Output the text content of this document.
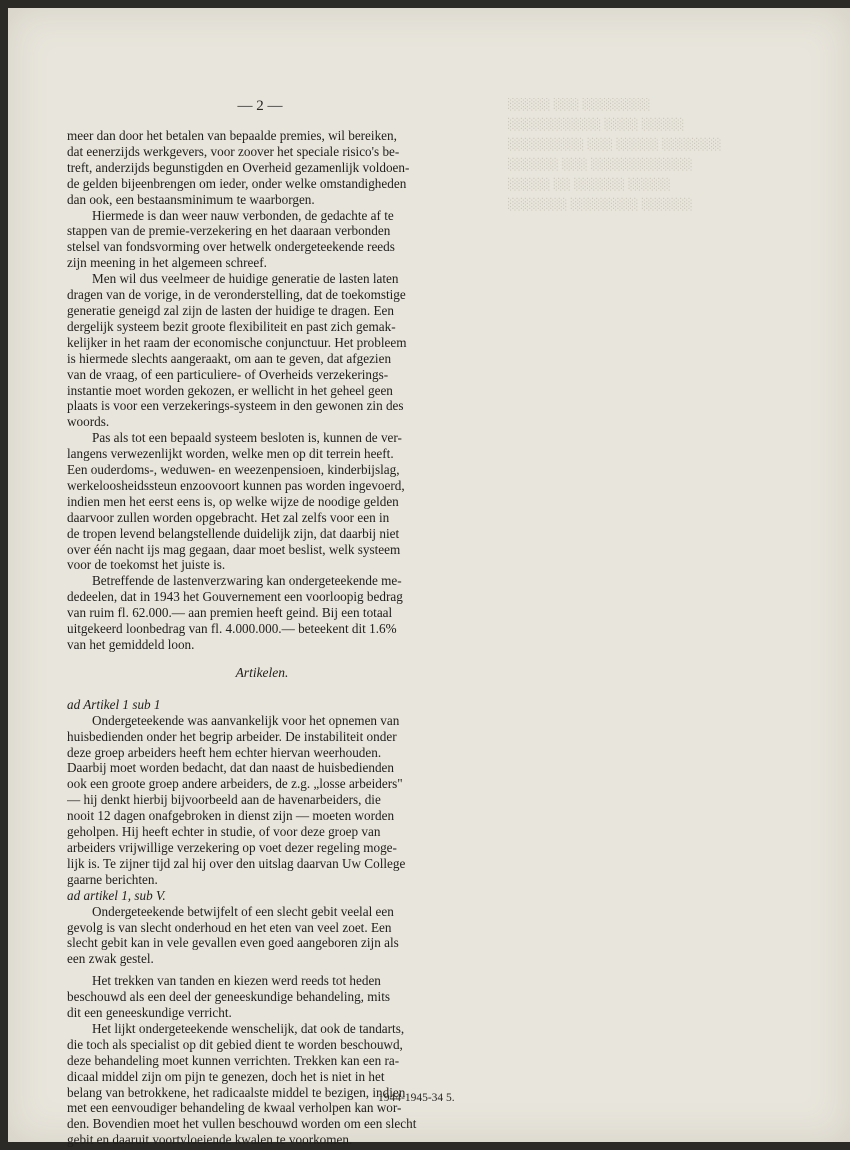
░░░░░ ░░░ ░░░░░░░░
░░░░░░░░░░░ ░░░░ ░░░░░
░░░░░░░░░ ░░░ ░░░░░ ░░░░░░░
░░░░░░ ░░░ ░░░░░░░░░░░░
░░░░░ ░░ ░░░░░░ ░░░░░
░░░░░░░ ░░░░░░░░ ░░░░░░
— 2 —
meer dan door het betalen van bepaalde premies, wil bereiken,
dat eenerzijds werkgevers, voor zoover het speciale risico's be-
treft, anderzijds begunstigden en Overheid gezamenlijk voldoen-
de gelden bijeenbrengen om ieder, onder welke omstandigheden
dan ook, een bestaansminimum te waarborgen.
Hiermede is dan weer nauw verbonden, de gedachte af te
stappen van de premie-verzekering en het daaraan verbonden
stelsel van fondsvorming over hetwelk ondergeteekende reeds
zijn meening in het algemeen schreef.
Men wil dus veelmeer de huidige generatie de lasten laten
dragen van de vorige, in de veronderstelling, dat de toekomstige
generatie geneigd zal zijn de lasten der huidige te dragen. Een
dergelijk systeem bezit groote flexibiliteit en past zich gemak-
kelijker in het raam der economische conjunctuur. Het probleem
is hiermede slechts aangeraakt, om aan te geven, dat afgezien
van de vraag, of een particuliere- of Overheids verzekerings-
instantie moet worden gekozen, er wellicht in het geheel geen
plaats is voor een verzekerings-systeem in den gewonen zin des
woords.
Pas als tot een bepaald systeem besloten is, kunnen de ver-
langens verwezenlijkt worden, welke men op dit terrein heeft.
Een ouderdoms-, weduwen- en weezenpensioen, kinderbijslag,
werkeloosheidssteun enzoovoort kunnen pas worden ingevoerd,
indien men het eerst eens is, op welke wijze de noodige gelden
daarvoor zullen worden opgebracht. Het zal zelfs voor een in
de tropen levend belangstellende duidelijk zijn, dat daarbij niet
over één nacht ijs mag gegaan, daar moet beslist, welk systeem
voor de toekomst het juiste is.
Betreffende de lastenverzwaring kan ondergeteekende me-
dedeelen, dat in 1943 het Gouvernement een voorloopig bedrag
van ruim fl. 62.000.— aan premien heeft geind. Bij een totaal
uitgekeerd loonbedrag van fl. 4.000.000.— beteekent dit 1.6%
van het gemiddeld loon.
Artikelen.
ad Artikel 1 sub 1
Ondergeteekende was aanvankelijk voor het opnemen van
huisbedienden onder het begrip arbeider. De instabiliteit onder
deze groep arbeiders heeft hem echter hiervan weerhouden.
Daarbij moet worden bedacht, dat dan naast de huisbedienden
ook een groote groep andere arbeiders, de z.g. „losse arbeiders"
— hij denkt hierbij bijvoorbeeld aan de havenarbeiders, die
nooit 12 dagen onafgebroken in dienst zijn — moeten worden
geholpen. Hij heeft echter in studie, of voor deze groep van
arbeiders vrijwillige verzekering op voet dezer regeling moge-
lijk is. Te zijner tijd zal hij over den uitslag daarvan Uw College
gaarne berichten.
ad artikel 1, sub V.
Ondergeteekende betwijfelt of een slecht gebit veelal een
gevolg is van slecht onderhoud en het eten van veel zoet. Een
slecht gebit kan in vele gevallen even goed aangeboren zijn als
een zwak gestel.
Het trekken van tanden en kiezen werd reeds tot heden
beschouwd als een deel der geneeskundige behandeling, mits
dit een geneeskundige verricht.
Het lijkt ondergeteekende wenschelijk, dat ook de tandarts,
die toch als specialist op dit gebied dient te worden beschouwd,
deze behandeling moet kunnen verrichten. Trekken kan een ra-
dicaal middel zijn om pijn te genezen, doch het is niet in het
belang van betrokkene, het radicaalste middel te bezigen, indien
met een eenvoudiger behandeling de kwaal verholpen kan wor-
den. Bovendien moet het vullen beschouwd worden om een slecht
gebit en daaruit voortvloeiende kwalen te voorkomen.
1944-1945-34 5.
